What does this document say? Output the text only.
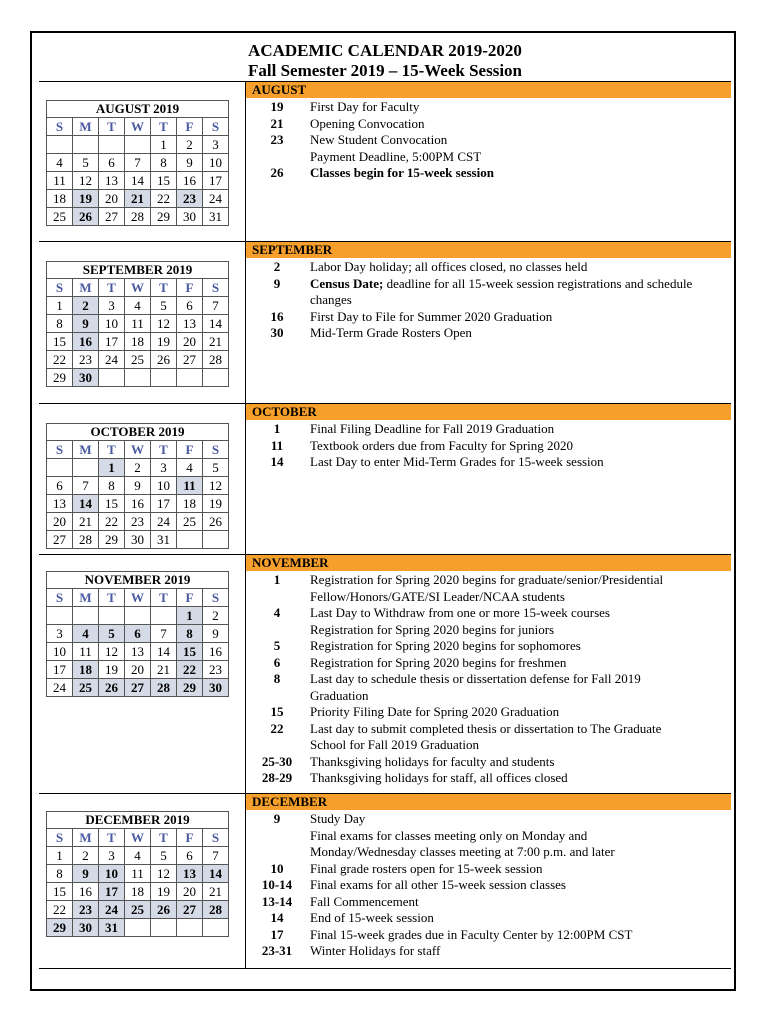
ACADEMIC CALENDAR 2019-2020
Fall Semester 2019 – 15-Week Session
AUGUST
AUGUST 2019						
S	M	T	W	T	F	S
				1	2	3
4	5	6	7	8	9	10
11	12	13	14	15	16	17
18	19	20	21	22	23	24
25	26	27	28	29	30	31
19	First Day for Faculty
21	Opening Convocation
23	New Student Convocation
Payment Deadline, 5:00PM CST
26	Classes begin for 15-week session
SEPTEMBER
SEPTEMBER 2019						
S	M	T	W	T	F	S
1	2	3	4	5	6	7
8	9	10	11	12	13	14
15	16	17	18	19	20	21
22	23	24	25	26	27	28
29	30					
2	Labor Day holiday; all offices closed, no classes held
9	Census Date; deadline for all 15-week session registrations and schedule
changes
16	First Day to File for Summer 2020 Graduation
30	Mid-Term Grade Rosters Open
OCTOBER
OCTOBER 2019						
S	M	T	W	T	F	S
		1	2	3	4	5
6	7	8	9	10	11	12
13	14	15	16	17	18	19
20	21	22	23	24	25	26
27	28	29	30	31		
1	Final Filing Deadline for Fall 2019 Graduation
11	Textbook orders due from Faculty for Spring 2020
14	Last Day to enter Mid-Term Grades for 15-week session
NOVEMBER
NOVEMBER 2019						
S	M	T	W	T	F	S
					1	2
3	4	5	6	7	8	9
10	11	12	13	14	15	16
17	18	19	20	21	22	23
24	25	26	27	28	29	30
1	Registration for Spring 2020 begins for graduate/senior/Presidential
Fellow/Honors/GATE/SI Leader/NCAA students
4	Last Day to Withdraw from one or more 15-week courses
Registration for Spring 2020 begins for juniors
5	Registration for Spring 2020 begins for sophomores
6	Registration for Spring 2020 begins for freshmen
8	Last day to schedule thesis or dissertation defense for Fall 2019
Graduation
15	Priority Filing Date for Spring 2020 Graduation
22	Last day to submit completed thesis or dissertation to The Graduate
School for Fall 2019 Graduation
25-30	Thanksgiving holidays for faculty and students
28-29	Thanksgiving holidays for staff, all offices closed
DECEMBER
DECEMBER 2019						
S	M	T	W	T	F	S
1	2	3	4	5	6	7
8	9	10	11	12	13	14
15	16	17	18	19	20	21
22	23	24	25	26	27	28
29	30	31				
9	Study Day
Final exams for classes meeting only on Monday and
Monday/Wednesday classes meeting at 7:00 p.m. and later
10	Final grade rosters open for 15-week session
10-14	Final exams for all other 15-week session classes
13-14	Fall Commencement
14	End of 15-week session
17	Final 15-week grades due in Faculty Center by 12:00PM CST
23-31	Winter Holidays for staff
